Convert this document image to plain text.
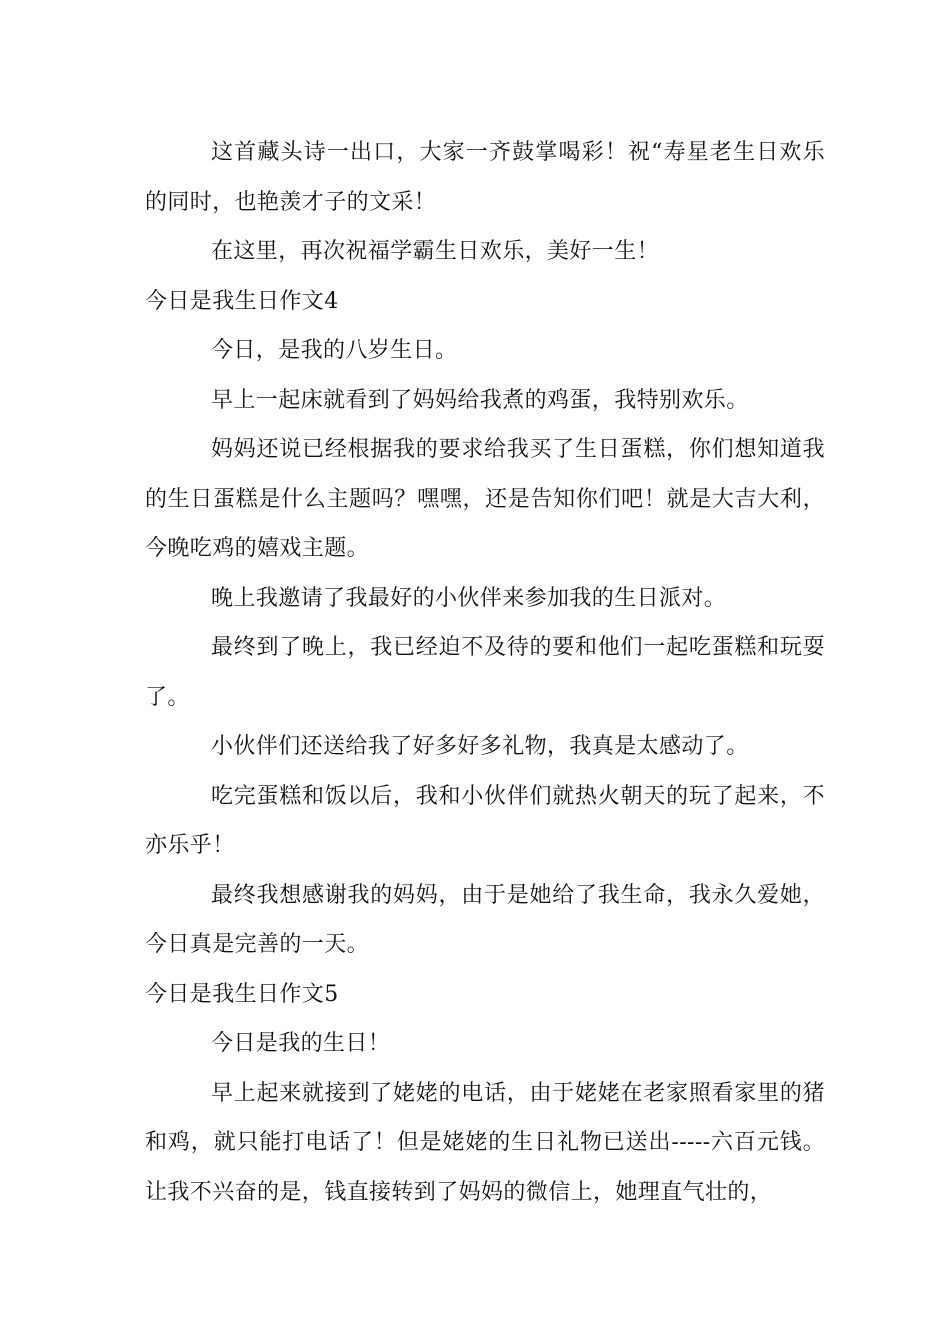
这首藏头诗一出口，大家一齐鼓掌喝彩！祝“寿星老生日欢乐的同时，也艳羡才子的文采！

在这里，再次祝福学霸生日欢乐，美好一生！

今日是我生日作文4

今日，是我的八岁生日。

早上一起床就看到了妈妈给我煮的鸡蛋，我特别欢乐。

妈妈还说已经根据我的要求给我买了生日蛋糕，你们想知道我的生日蛋糕是什么主题吗？嘿嘿，还是告知你们吧！就是大吉大利，今晚吃鸡的嬉戏主题。

晚上我邀请了我最好的小伙伴来参加我的生日派对。

最终到了晚上，我已经迫不及待的要和他们一起吃蛋糕和玩耍了。

小伙伴们还送给我了好多好多礼物，我真是太感动了。

吃完蛋糕和饭以后，我和小伙伴们就热火朝天的玩了起来，不亦乐乎！

最终我想感谢我的妈妈，由于是她给了我生命，我永久爱她，今日真是完善的一天。

今日是我生日作文5

今日是我的生日！

早上起来就接到了姥姥的电话，由于姥姥在老家照看家里的猪和鸡，就只能打电话了！但是姥姥的生日礼物已送出-----六百元钱。让我不兴奋的是，钱直接转到了妈妈的微信上，她理直气壮的，
